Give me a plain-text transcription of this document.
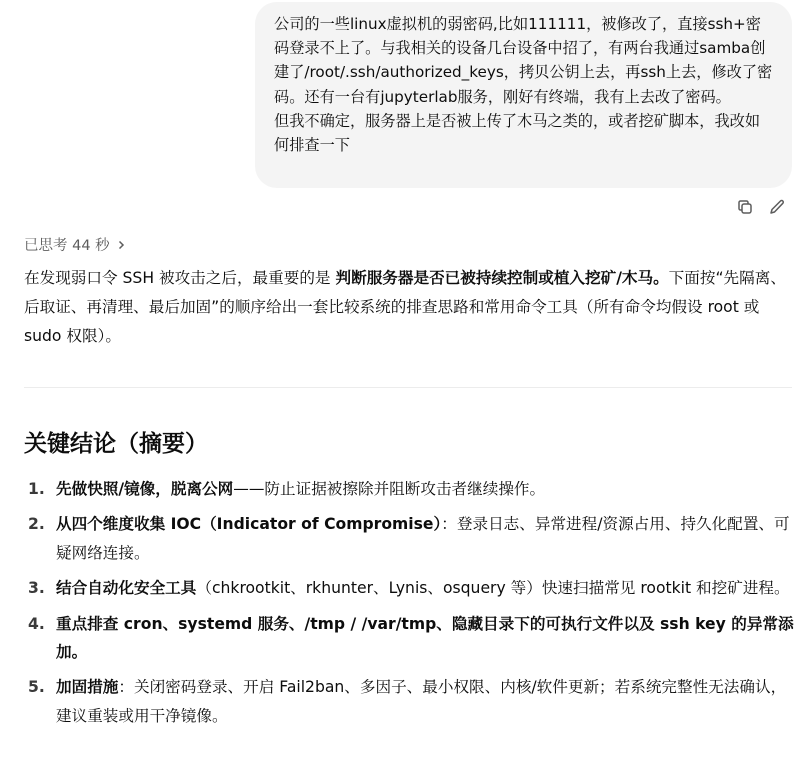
公司的一些linux虚拟机的弱密码,比如111111，被修改了，直接ssh+密码登录不上了。与我相关的设备几台设备中招了，有两台我通过samba创建了/root/.ssh/authorized_keys，拷贝公钥上去，再ssh上去，修改了密码。还有一台有jupyterlab服务，刚好有终端，我有上去改了密码。

但我不确定，服务器上是否被上传了木马之类的，或者挖矿脚本，我改如何排查一下

已思考 44 秒

在发现弱口令 SSH 被攻击之后，最重要的是 判断服务器是否已被持续控制或植入挖矿/木马。下面按“先隔离、后取证、再清理、最后加固”的顺序给出一套比较系统的排查思路和常用命令工具（所有命令均假设 root 或 sudo 权限）。

关键结论（摘要）
1. 先做快照/镜像，脱离公网——防止证据被擦除并阻断攻击者继续操作。
2. 从四个维度收集 IOC（Indicator of Compromise）：登录日志、异常进程/资源占用、持久化配置、可疑网络连接。
3. 结合自动化安全工具（chkrootkit、rkhunter、Lynis、osquery 等）快速扫描常见 rootkit 和挖矿进程。
4. 重点排查 cron、systemd 服务、/tmp / /var/tmp、隐藏目录下的可执行文件以及 ssh key 的异常添加。
5. 加固措施：关闭密码登录、开启 Fail2ban、多因子、最小权限、内核/软件更新；若系统完整性无法确认，建议重装或用干净镜像。
